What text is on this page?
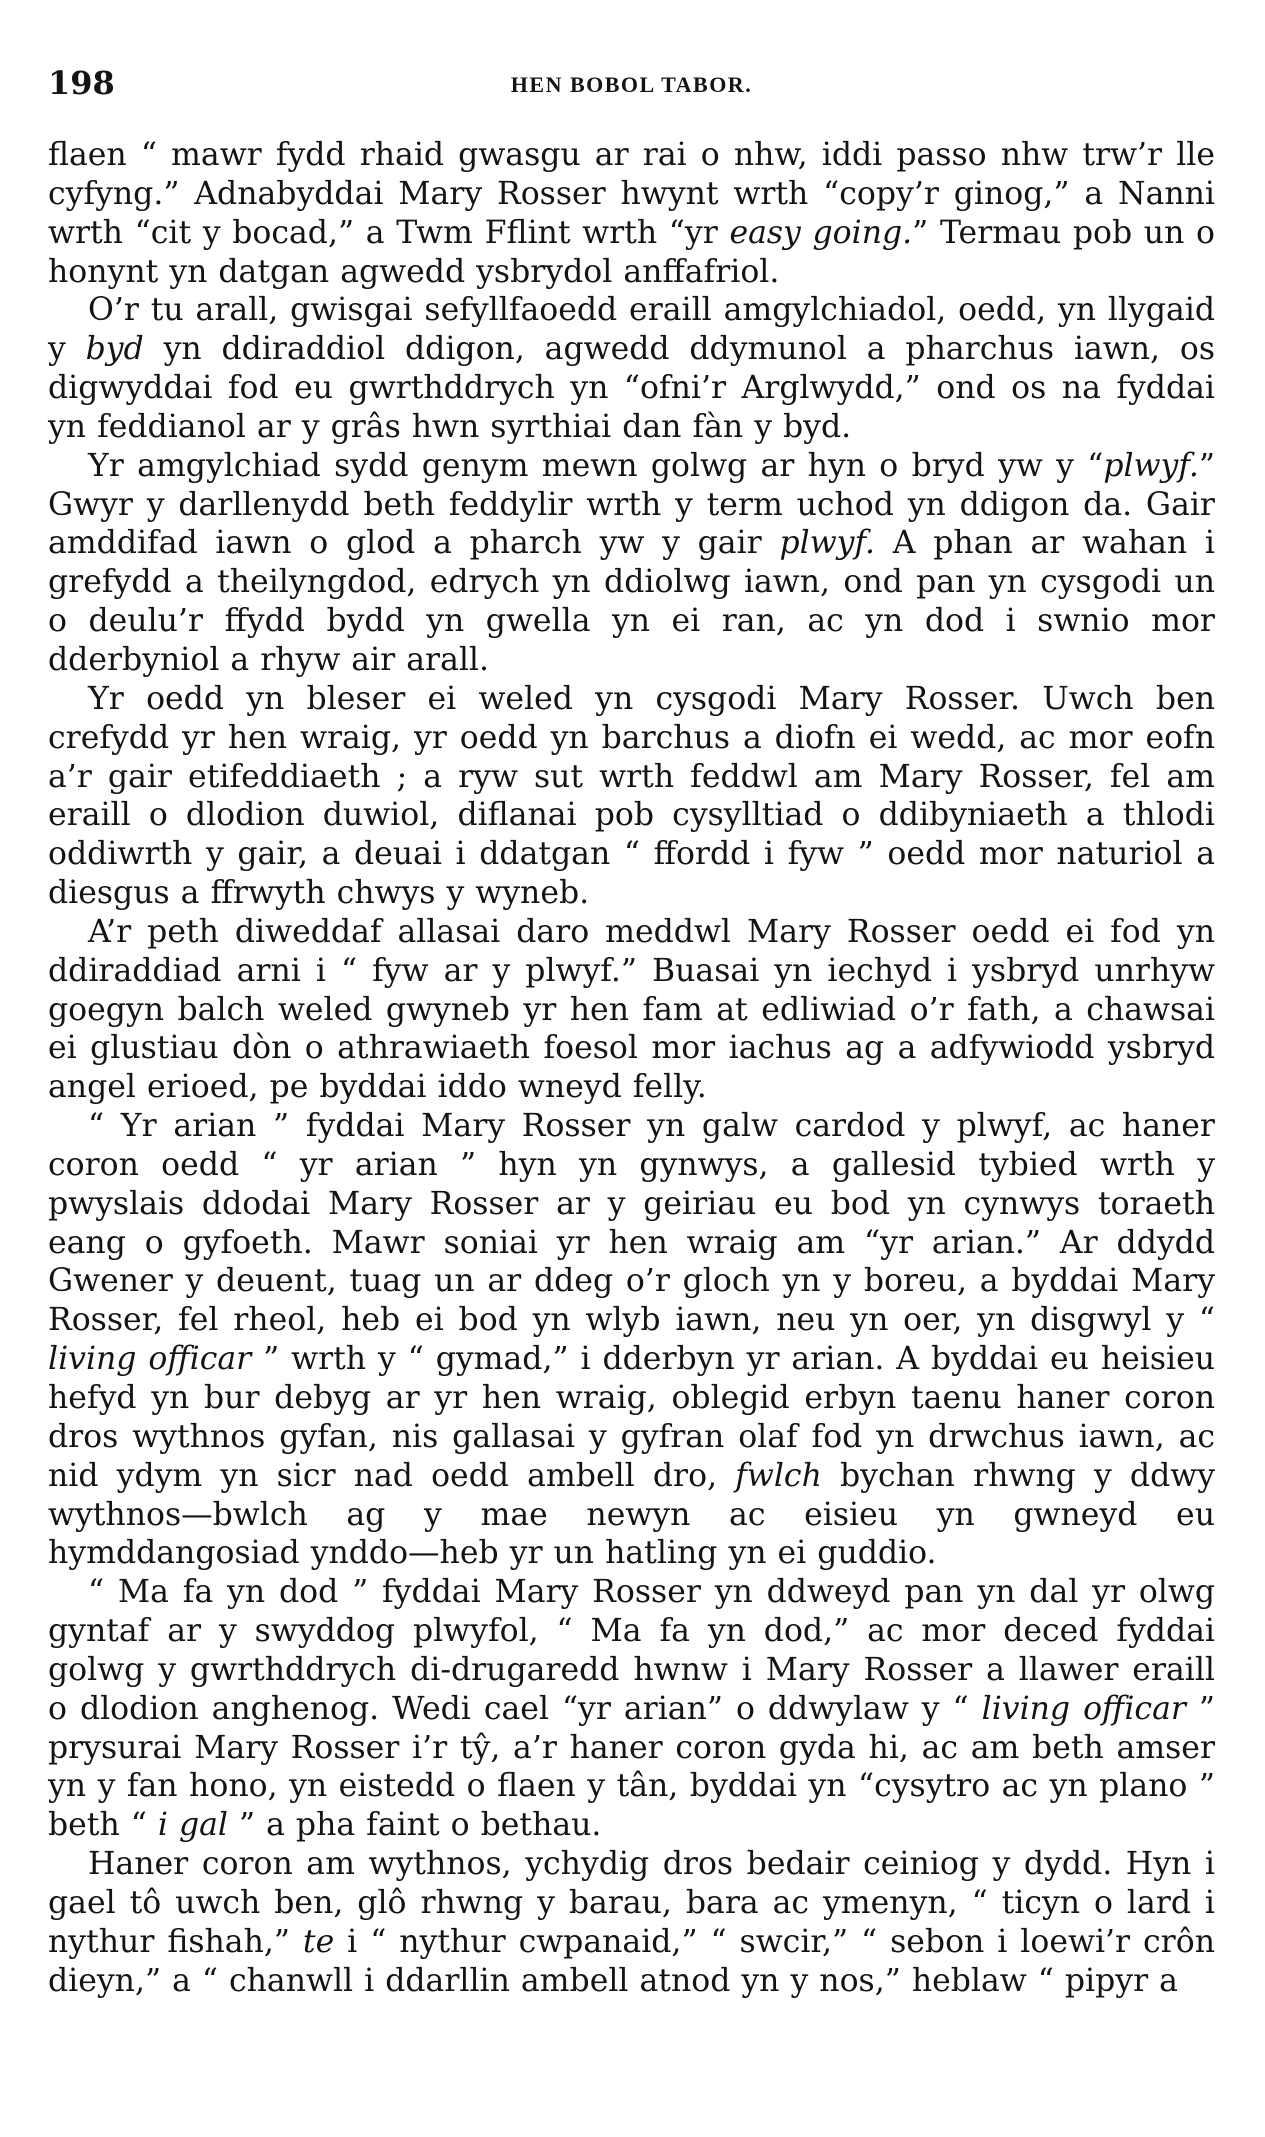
198	HEN BOBOL TABOR.

flaen “ mawr fydd rhaid gwasgu ar rai o nhw, iddi passo nhw trw’r lle cyfyng.” Adnabyddai Mary Rosser hwynt wrth “copy’r ginog,” a Nanni wrth “cit y bocad,” a Twm Fflint wrth “yr easy going.” Termau pob un o honynt yn datgan agwedd ysbrydol anffafriol.

O’r tu arall, gwisgai sefyllfaoedd eraill amgylchiadol, oedd, yn llygaid y byd yn ddiraddiol ddigon, agwedd ddymunol a pharchus iawn, os digwyddai fod eu gwrthddrych yn “ofni’r Arglwydd,” ond os na fyddai yn feddianol ar y grâs hwn syrthiai dan fàn y byd.

Yr amgylchiad sydd genym mewn golwg ar hyn o bryd yw y “plwyf.” Gwyr y darllenydd beth feddylir wrth y term uchod yn ddigon da. Gair amddifad iawn o glod a pharch yw y gair plwyf. A phan ar wahan i grefydd a theilyngdod, edrych yn ddiolwg iawn, ond pan yn cysgodi un o deulu’r ffydd bydd yn gwella yn ei ran, ac yn dod i swnio mor dderbyniol a rhyw air arall.

Yr oedd yn bleser ei weled yn cysgodi Mary Rosser. Uwch ben crefydd yr hen wraig, yr oedd yn barchus a diofn ei wedd, ac mor eofn a’r gair etifeddiaeth ; a ryw sut wrth feddwl am Mary Rosser, fel am eraill o dlodion duwiol, diflanai pob cysylltiad o ddibyniaeth a thlodi oddiwrth y gair, a deuai i ddatgan “ ffordd i fyw ” oedd mor naturiol a diesgus a ffrwyth chwys y wyneb.

A’r peth diweddaf allasai daro meddwl Mary Rosser oedd ei fod yn ddiraddiad arni i “ fyw ar y plwyf.” Buasai yn iechyd i ysbryd unrhyw goegyn balch weled gwyneb yr hen fam at edliwiad o’r fath, a chawsai ei glustiau dòn o athrawiaeth foesol mor iachus ag a adfywiodd ysbryd angel erioed, pe byddai iddo wneyd felly.

“ Yr arian ” fyddai Mary Rosser yn galw cardod y plwyf, ac haner coron oedd “ yr arian ” hyn yn gynwys, a gallesid tybied wrth y pwyslais ddodai Mary Rosser ar y geiriau eu bod yn cynwys toraeth eang o gyfoeth. Mawr soniai yr hen wraig am “yr arian.” Ar ddydd Gwener y deuent, tuag un ar ddeg o’r gloch yn y boreu, a byddai Mary Rosser, fel rheol, heb ei bod yn wlyb iawn, neu yn oer, yn disgwyl y “ living officar ” wrth y “ gymad,” i dderbyn yr arian. A byddai eu heisieu hefyd yn bur debyg ar yr hen wraig, oblegid erbyn taenu haner coron dros wythnos gyfan, nis gallasai y gyfran olaf fod yn drwchus iawn, ac nid ydym yn sicr nad oedd ambell dro, fwlch bychan rhwng y ddwy wythnos—bwlch ag y mae newyn ac eisieu yn gwneyd eu hymddangosiad ynddo—heb yr un hatling yn ei guddio.

“ Ma fa yn dod ” fyddai Mary Rosser yn ddweyd pan yn dal yr olwg gyntaf ar y swyddog plwyfol, “ Ma fa yn dod,” ac mor deced fyddai golwg y gwrthddrych di-drugaredd hwnw i Mary Rosser a llawer eraill o dlodion anghenog. Wedi cael “yr arian” o ddwylaw y “ living officar ” prysurai Mary Rosser i’r tŷ, a’r haner coron gyda hi, ac am beth amser yn y fan hono, yn eistedd o flaen y tân, byddai yn “cysytro ac yn plano ” beth “ i gal ” a pha faint o bethau.

Haner coron am wythnos, ychydig dros bedair ceiniog y dydd. Hyn i gael tô uwch ben, glô rhwng y barau, bara ac ymenyn, “ ticyn o lard i nythur fishah,” te i “ nythur cwpanaid,” “ swcir,” “ sebon i loewi’r crôn dieyn,” a “ chanwll i ddarllin ambell atnod yn y nos,” heblaw “ pipyr a
